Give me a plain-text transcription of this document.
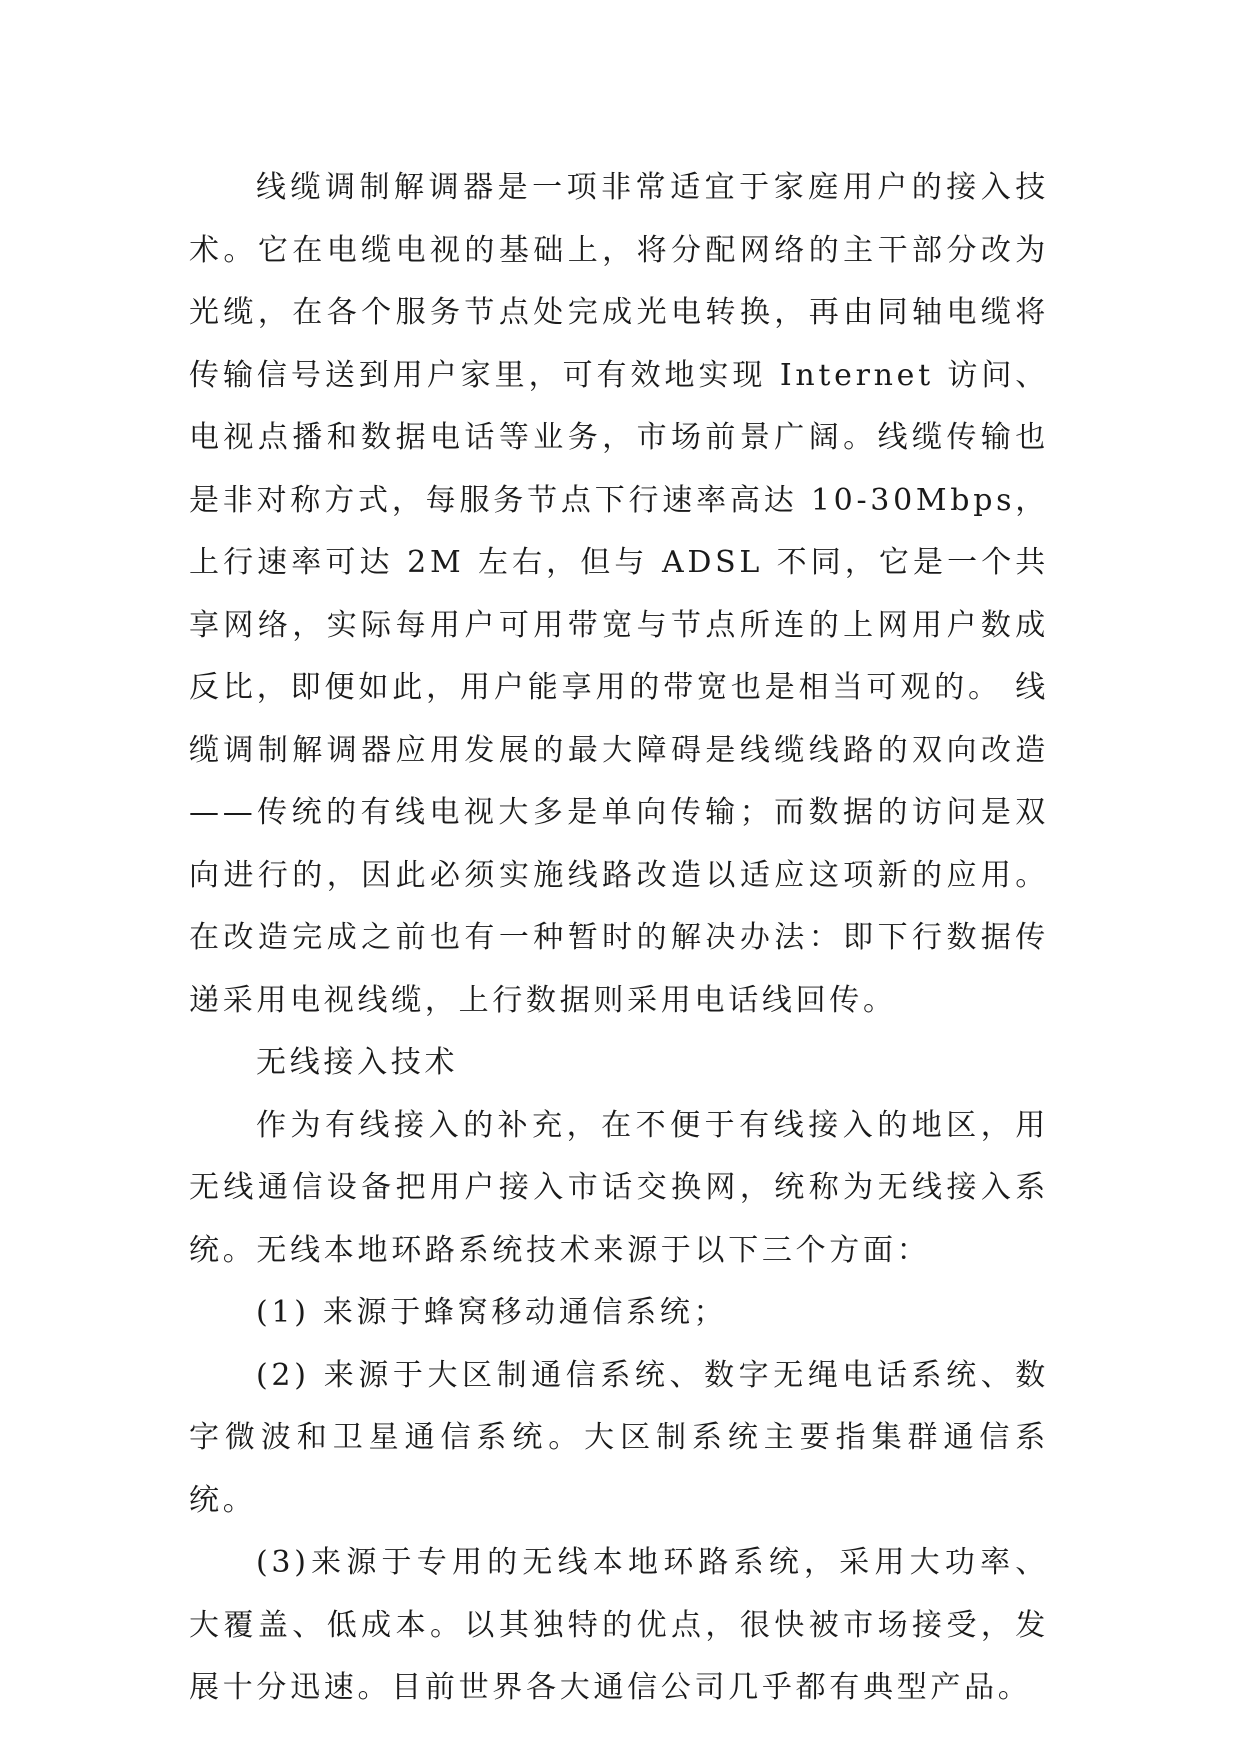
线缆调制解调器是一项非常适宜于家庭用户的接入技术。它在电缆电视的基础上，将分配网络的主干部分改为光缆，在各个服务节点处完成光电转换，再由同轴电缆将传输信号送到用户家里，可有效地实现 Internet 访问、电视点播和数据电话等业务，市场前景广阔。线缆传输也是非对称方式，每服务节点下行速率高达 10-30Mbps，上行速率可达 2M 左右，但与 ADSL 不同，它是一个共享网络，实际每用户可用带宽与节点所连的上网用户数成反比，即便如此，用户能享用的带宽也是相当可观的。 线缆调制解调器应用发展的最大障碍是线缆线路的双向改造——传统的有线电视大多是单向传输；而数据的访问是双向进行的，因此必须实施线路改造以适应这项新的应用。在改造完成之前也有一种暂时的解决办法：即下行数据传递采用电视线缆，上行数据则采用电话线回传。

无线接入技术

作为有线接入的补充，在不便于有线接入的地区，用无线通信设备把用户接入市话交换网，统称为无线接入系统。无线本地环路系统技术来源于以下三个方面：

(1) 来源于蜂窝移动通信系统；

(2) 来源于大区制通信系统、数字无绳电话系统、数字微波和卫星通信系统。大区制系统主要指集群通信系统。

(3)来源于专用的无线本地环路系统，采用大功率、大覆盖、低成本。以其独特的优点，很快被市场接受，发展十分迅速。目前世界各大通信公司几乎都有典型产品。
